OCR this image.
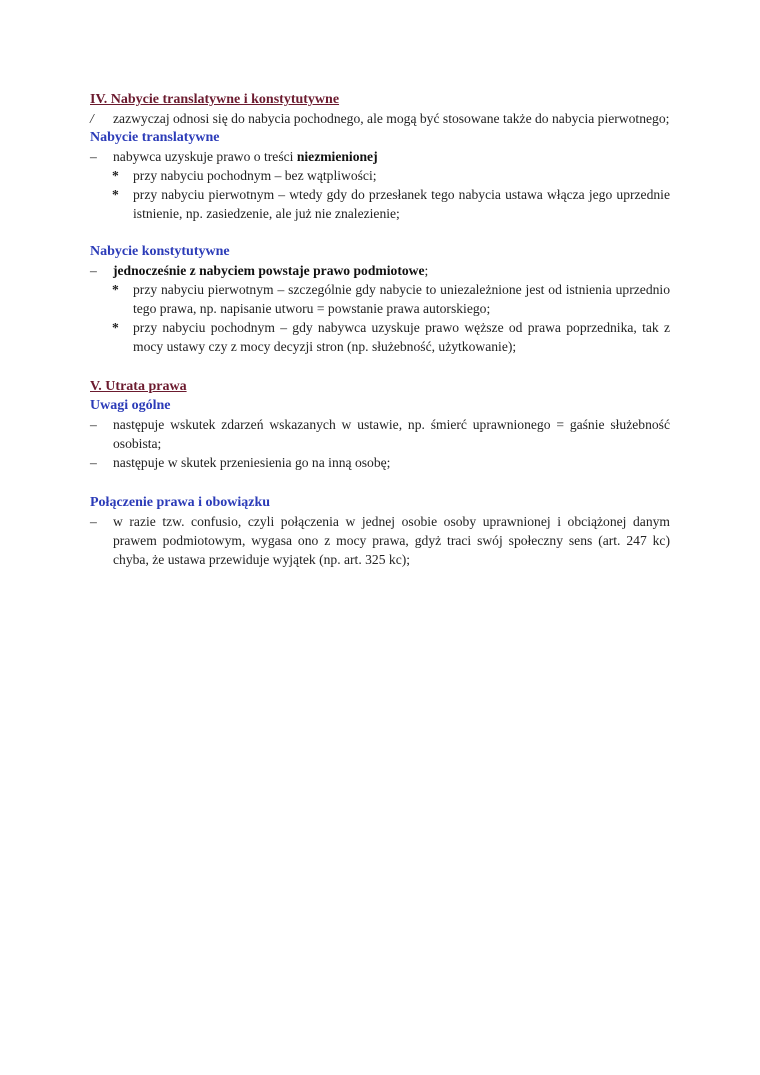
IV. Nabycie translatywne i konstytutywne

/	zazwyczaj odnosi się do nabycia pochodnego, ale mogą być stosowane także do nabycia pierwotnego;

Nabycie translatywne

–	nabywca uzyskuje prawo o treści niezmienionej
* przy nabyciu pochodnym – bez wątpliwości;
* przy nabyciu pierwotnym – wtedy gdy do przesłanek tego nabycia ustawa włącza jego uprzednie istnienie, np. zasiedzenie, ale już nie znalezienie;

Nabycie konstytutywne

–	jednocześnie z nabyciem powstaje prawo podmiotowe;
* przy nabyciu pierwotnym – szczególnie gdy nabycie to uniezależnione jest od istnienia uprzednio tego prawa, np. napisanie utworu = powstanie prawa autorskiego;
* przy nabyciu pochodnym – gdy nabywca uzyskuje prawo węższe od prawa poprzednika, tak z mocy ustawy czy z mocy decyzji stron (np. służebność, użytkowanie);

V. Utrata prawa

Uwagi ogólne

–	następuje wskutek zdarzeń wskazanych w ustawie, np. śmierć uprawnionego = gaśnie służebność osobista;
–	następuje w skutek przeniesienia go na inną osobę;

Połączenie prawa i obowiązku

–	w razie tzw. confusio, czyli połączenia w jednej osobie osoby uprawnionej i obciążonej danym prawem podmiotowym, wygasa ono z mocy prawa, gdyż traci swój społeczny sens (art. 247 kc) chyba, że ustawa przewiduje wyjątek (np. art. 325 kc);
